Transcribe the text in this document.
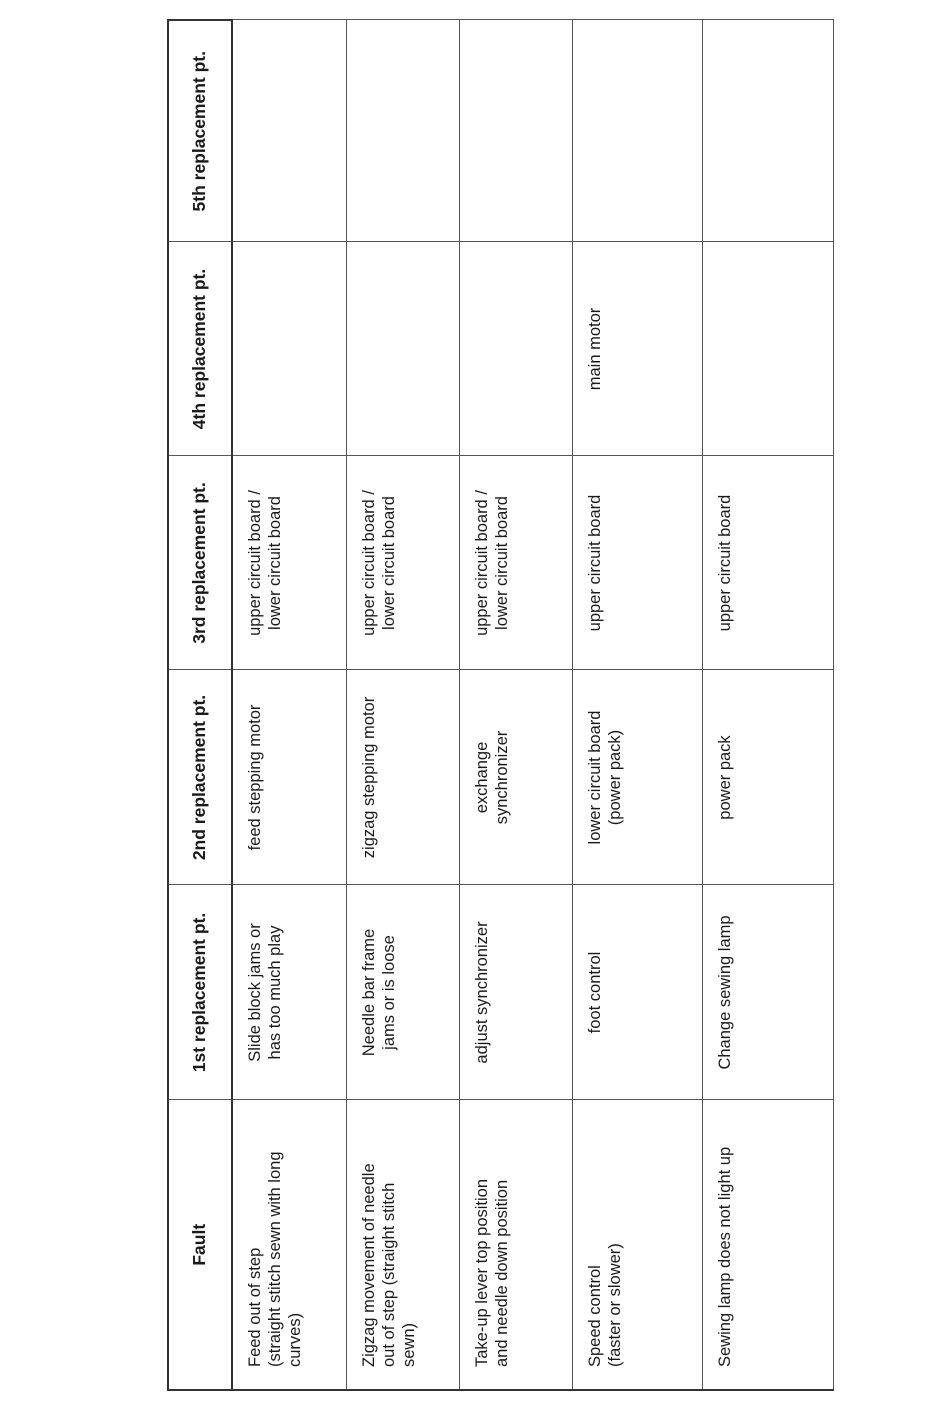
Fault	1st replacement pt.	2nd replacement pt.	3rd replacement pt.	4th replacement pt.	5th replacement pt.

Feed out of step
(straight stitch sewn with long
curves)	Slide block jams or
has too much play	feed stepping motor	upper circuit board /
lower circuit board		

Zigzag movement of needle
out of step (straight stitch
sewn)	Needle bar frame
jams or is loose	zigzag stepping motor	upper circuit board /
lower circuit board		

Take-up lever top position
and needle down position	adjust synchronizer	exchange
synchronizer	upper circuit board /
lower circuit board		

Speed control
(faster or slower)	foot control	lower circuit board
(power pack)	upper circuit board	main motor	

Sewing lamp does not light up	Change sewing lamp	power pack	upper circuit board		
